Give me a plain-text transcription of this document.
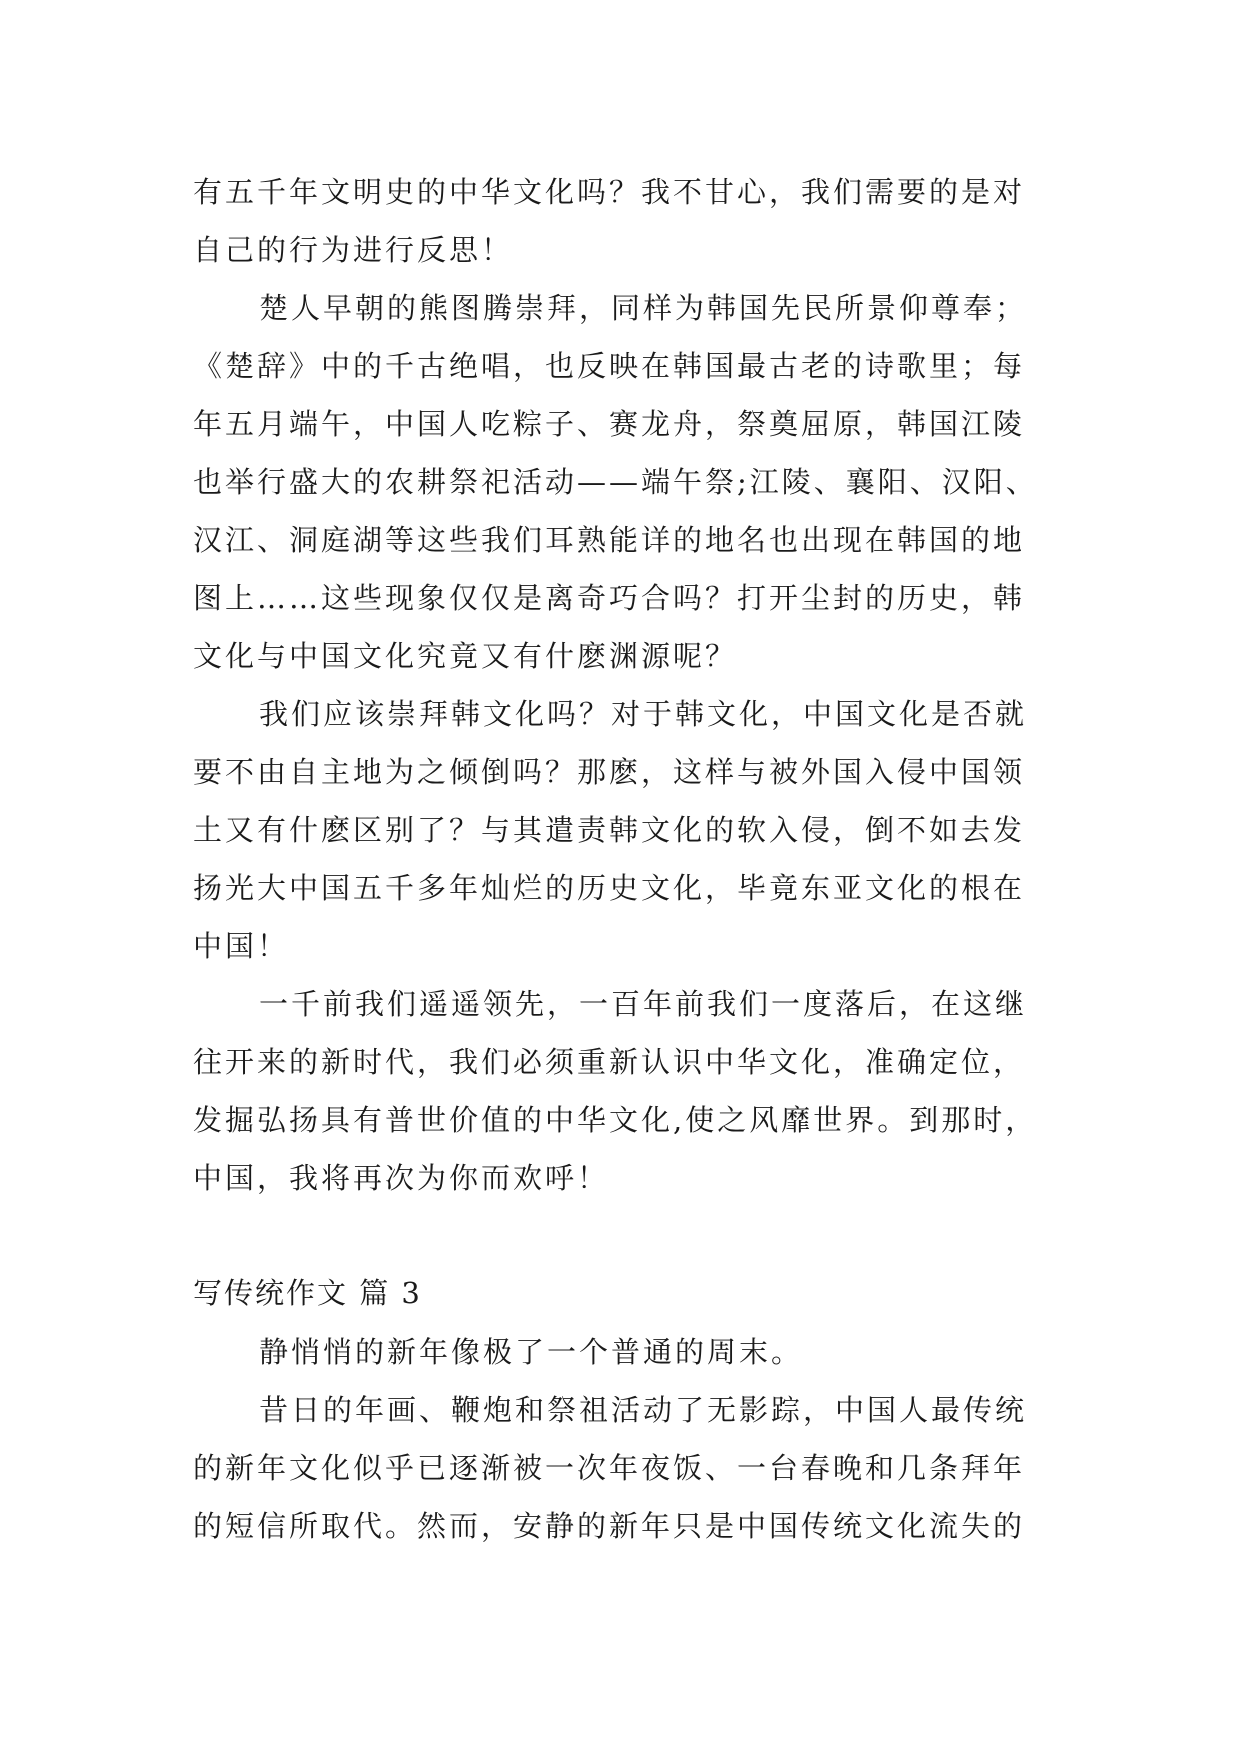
有五千年文明史的中华文化吗？我不甘心，我们需要的是对
自己的行为进行反思！
楚人早朝的熊图腾崇拜，同样为韩国先民所景仰尊奉；
《楚辞》中的千古绝唱，也反映在韩国最古老的诗歌里；每
年五月端午，中国人吃粽子、赛龙舟，祭奠屈原，韩国江陵
也举行盛大的农耕祭祀活动——端午祭;江陵、襄阳、汉阳、
汉江、洞庭湖等这些我们耳熟能详的地名也出现在韩国的地
图上……这些现象仅仅是离奇巧合吗？打开尘封的历史，韩
文化与中国文化究竟又有什麽渊源呢？
我们应该崇拜韩文化吗？对于韩文化，中国文化是否就
要不由自主地为之倾倒吗？那麽，这样与被外国入侵中国领
土又有什麽区别了？与其遣责韩文化的软入侵，倒不如去发
扬光大中国五千多年灿烂的历史文化，毕竟东亚文化的根在
中国！
一千前我们遥遥领先，一百年前我们一度落后，在这继
往开来的新时代，我们必须重新认识中华文化，准确定位，
发掘弘扬具有普世价值的中华文化,使之风靡世界。到那时，
中国，我将再次为你而欢呼！
写传统作文 篇 3
静悄悄的新年像极了一个普通的周末。
昔日的年画、鞭炮和祭祖活动了无影踪，中国人最传统
的新年文化似乎已逐渐被一次年夜饭、一台春晚和几条拜年
的短信所取代。然而，安静的新年只是中国传统文化流失的
